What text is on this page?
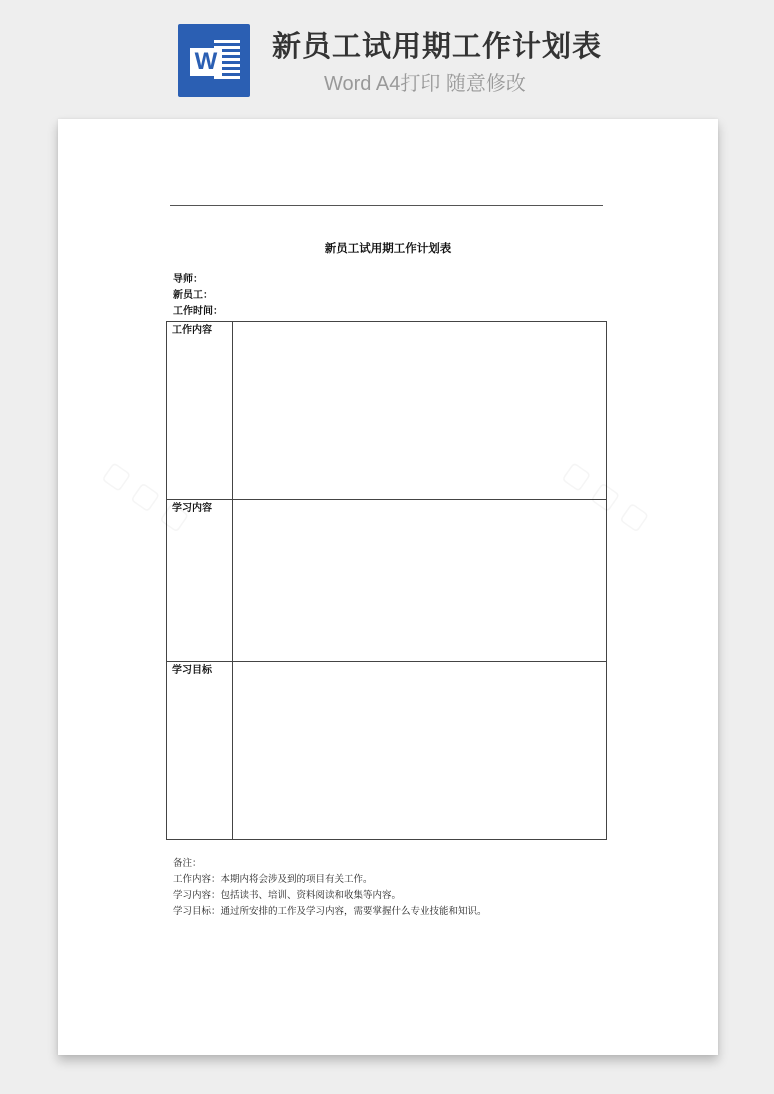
W 新员工试用期工作计划表
Word A4打印 随意修改
新员工试用期工作计划表
导师：
新员工：
工作时间：
工作内容	
学习内容	
学习目标	
备注：
工作内容：本期内将会涉及到的项目有关工作。
学习内容：包括读书、培训、资料阅读和收集等内容。
学习目标：通过所安排的工作及学习内容，需要掌握什么专业技能和知识。
